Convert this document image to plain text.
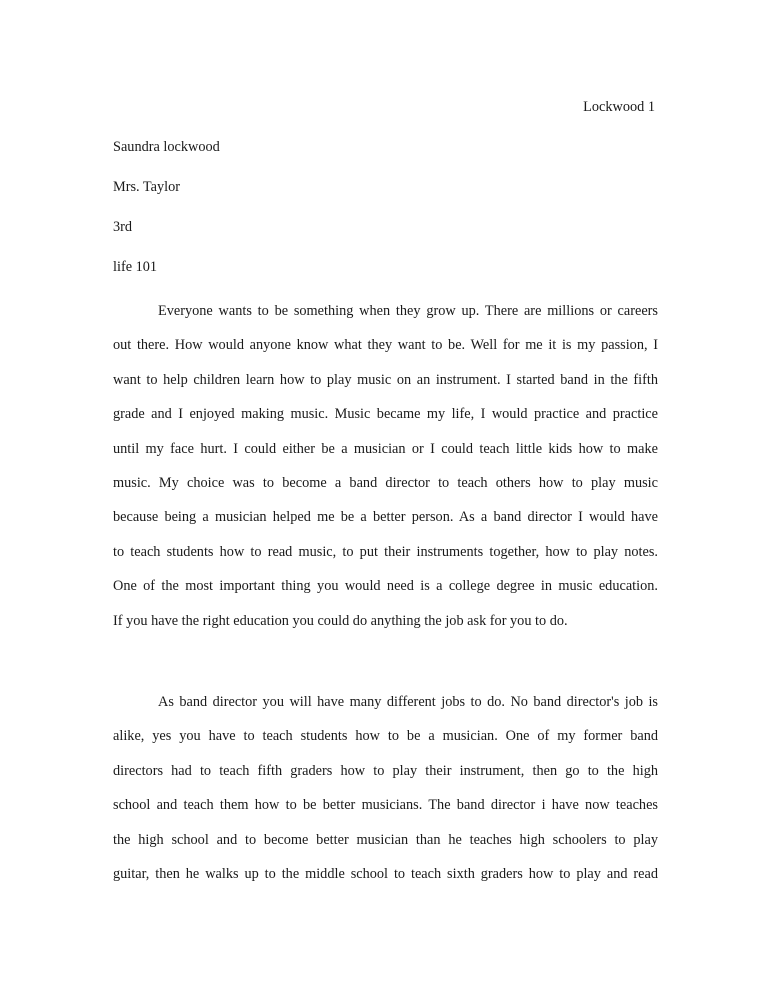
Lockwood 1
Saundra lockwood
Mrs. Taylor
3rd
life 101
Everyone wants to be something when they grow up. There are millions or careers
out there. How would anyone know what they want to be. Well for me it is my passion, I
want to help children learn how to play music on an instrument. I started band in the fifth
grade and I enjoyed making music. Music became my life, I would practice and practice
until my face hurt. I could either be a musician or I could teach little kids how to make
music. My choice was to become a band director to teach others how to play music
because being a musician helped me be a better person. As a band director I would have
to teach students how to read music, to put their instruments together, how to play notes.
One of the most important thing you would need is a college degree in music education.
If you have the right education you could do anything the job ask for you to do.
As band director you will have many different jobs to do. No band director's job is
alike, yes you have to teach students how to be a musician. One of my former band
directors had to teach fifth graders how to play their instrument, then go to the high
school and teach them how to be better musicians. The band director i have now teaches
the high school and to become better musician than he teaches high schoolers to play
guitar, then he walks up to the middle school to teach sixth graders how to play and read
